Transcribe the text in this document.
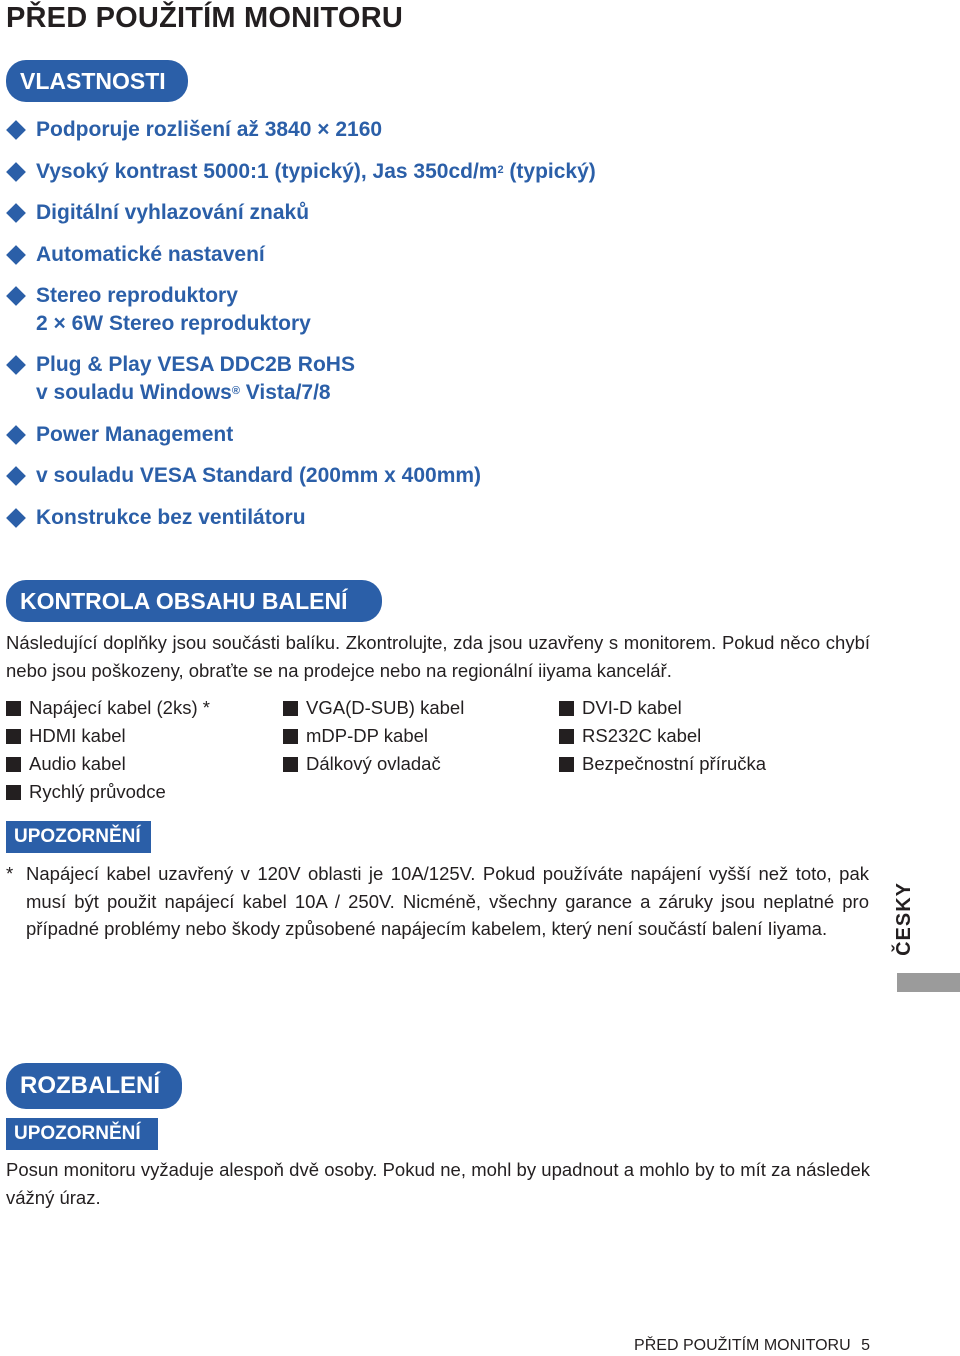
PŘED POUŽITÍM MONITORU
VLASTNOSTI
Podporuje rozlišení až 3840 × 2160
Vysoký kontrast 5000:1 (typický), Jas $350cd/m^2$ (typický)
Digitální vyhlazování znaků
Automatické nastavení
Stereo reproduktory
2 × 6W Stereo reproduktory
Plug & Play VESA DDC2B RoHS
v souladu Windows® Vista/7/8
Power Management
v souladu VESA Standard (200mm x 400mm)
Konstrukce bez ventilátoru
KONTROLA OBSAHU BALENÍ
Následující doplňky jsou součásti balíku. Zkontrolujte, zda jsou uzavřeny s monitorem. Pokud něco chybí nebo jsou poškozeny, obraťte se na prodejce nebo na regionální iiyama kancelář.
Napájecí kabel (2ks) *	VGA(D-SUB) kabel	DVI-D kabel
HDMI kabel	mDP-DP kabel	RS232C kabel
Audio kabel	Dálkový ovladač	Bezpečnostní příručka
Rychlý průvodce
UPOZORNĚNÍ
* Napájecí kabel uzavřený v 120V oblasti je 10A/125V. Pokud používáte napájení vyšší než toto, pak musí být použit napájecí kabel 10A / 250V. Nicméně, všechny garance a záruky jsou neplatné pro případné problémy nebo škody způsobené napájecím kabelem, který není součástí balení Iiyama.	ČESKY
ROZBALENÍ
UPOZORNĚNÍ
Posun monitoru vyžaduje alespoň dvě osoby. Pokud ne, mohl by upadnout a mohlo by to mít za následek vážný úraz.
PŘED POUŽITÍM MONITORU 5
